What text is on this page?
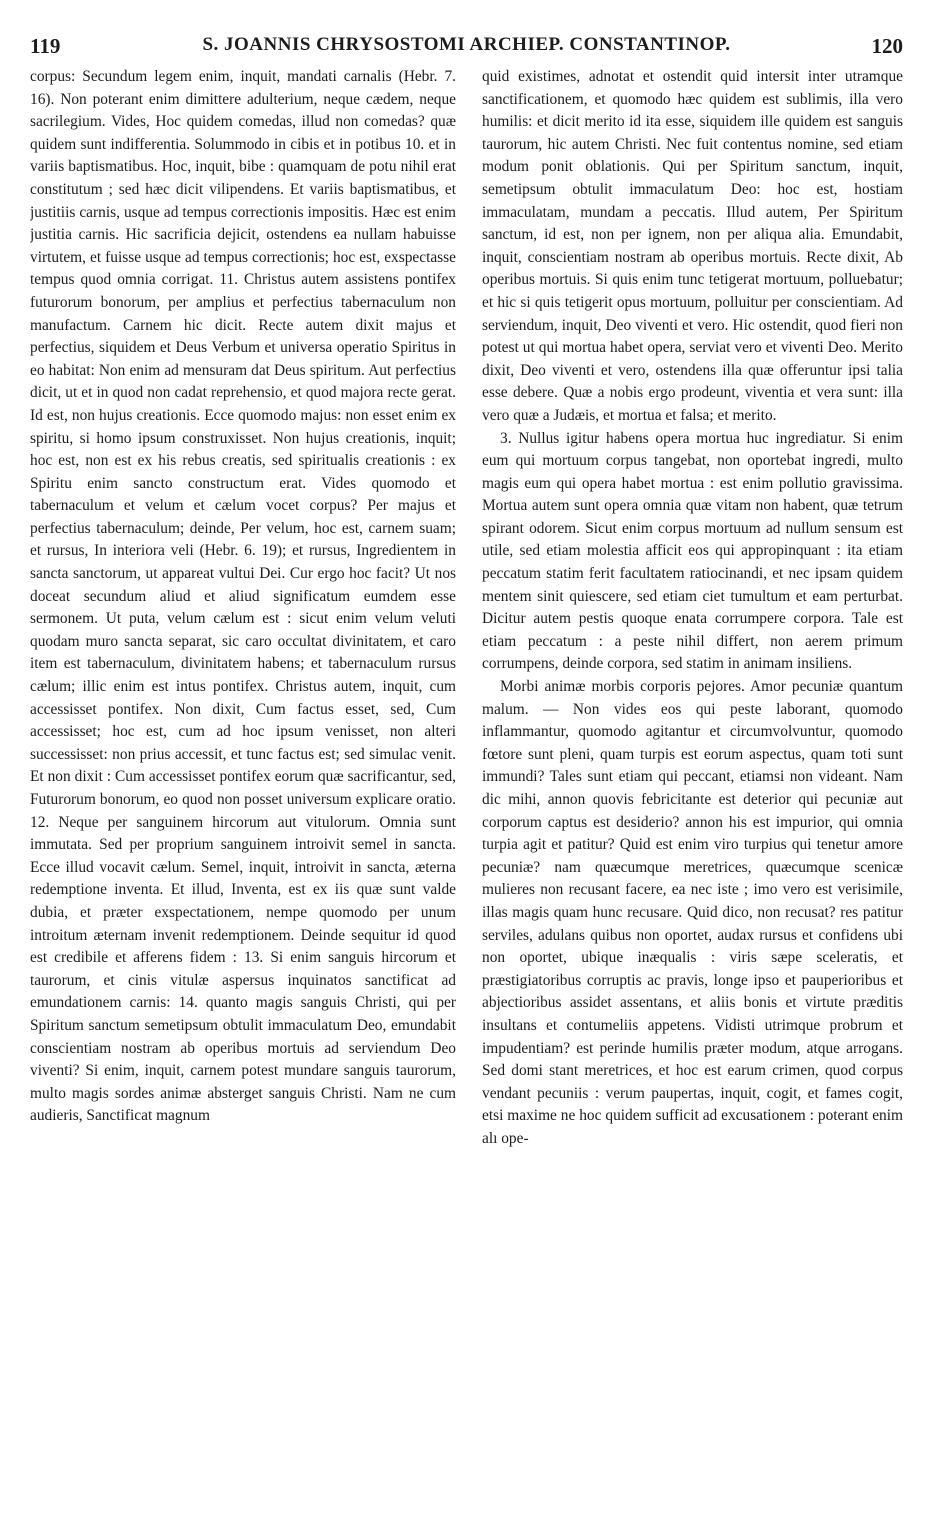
119	S. JOANNIS CHRYSOSTOMI ARCHIEP. CONSTANTINOP.	120

corpus: Secundum legem enim, inquit, mandati carnalis (Hebr. 7. 16). Non poterant enim dimittere adulterium, neque cædem, neque sacrilegium. Vides, Hoc quidem comedas, illud non comedas? quæ quidem sunt indifferentia. Solummodo in cibis et in potibus 10. et in variis baptismatibus. Hoc, inquit, bibe : quamquam de potu nihil erat constitutum ; sed hæc dicit vilipendens. Et variis baptismatibus, et justitiis carnis, usque ad tempus correctionis impositis. Hæc est enim justitia carnis. Hic sacrificia dejicit, ostendens ea nullam habuisse virtutem, et fuisse usque ad tempus correctionis; hoc est, exspectasse tempus quod omnia corrigat. 11. Christus autem assistens pontifex futurorum bonorum, per amplius et perfectius tabernaculum non manufactum. Carnem hic dicit. Recte autem dixit majus et perfectius, siquidem et Deus Verbum et universa operatio Spiritus in eo habitat: Non enim ad mensuram dat Deus spiritum. Aut perfectius dicit, ut et in quod non cadat reprehensio, et quod majora recte gerat. Id est, non hujus creationis. Ecce quomodo majus: non esset enim ex spiritu, si homo ipsum construxisset. Non hujus creationis, inquit; hoc est, non est ex his rebus creatis, sed spiritualis creationis : ex Spiritu enim sancto constructum erat. Vides quomodo et tabernaculum et velum et cælum vocet corpus? Per majus et perfectius tabernaculum; deinde, Per velum, hoc est, carnem suam; et rursus, In interiora veli (Hebr. 6. 19); et rursus, Ingredientem in sancta sanctorum, ut appareat vultui Dei. Cur ergo hoc facit? Ut nos doceat secundum aliud et aliud significatum eumdem esse sermonem. Ut puta, velum cælum est : sicut enim velum veluti quodam muro sancta separat, sic caro occultat divinitatem, et caro item est tabernaculum, divinitatem habens; et tabernaculum rursus cælum; illic enim est intus pontifex. Christus autem, inquit, cum accessisset pontifex. Non dixit, Cum factus esset, sed, Cum accessisset; hoc est, cum ad hoc ipsum venisset, non alteri successisset: non prius accessit, et tunc factus est; sed simulac venit. Et non dixit : Cum accessisset pontifex eorum quæ sacrificantur, sed, Futurorum bonorum, eo quod non posset universum explicare oratio. 12. Neque per sanguinem hircorum aut vitulorum. Omnia sunt immutata. Sed per proprium sanguinem introivit semel in sancta. Ecce illud vocavit cælum. Semel, inquit, introivit in sancta, æterna redemptione inventa. Et illud, Inventa, est ex iis quæ sunt valde dubia, et præter exspectationem, nempe quomodo per unum introitum æternam invenit redemptionem. Deinde sequitur id quod est credibile et afferens fidem : 13. Si enim sanguis hircorum et taurorum, et cinis vitulæ aspersus inquinatos sanctificat ad emundationem carnis: 14. quanto magis sanguis Christi, qui per Spiritum sanctum semetipsum obtulit immaculatum Deo, emundabit conscientiam nostram ab operibus mortuis ad serviendum Deo viventi? Si enim, inquit, carnem potest mundare sanguis taurorum, multo magis sordes animæ absterget sanguis Christi. Nam ne cum audieris, Sanctificat magnum

quid existimes, adnotat et ostendit quid intersit inter utramque sanctificationem, et quomodo hæc quidem est sublimis, illa vero humilis: et dicit merito id ita esse, siquidem ille quidem est sanguis taurorum, hic autem Christi. Nec fuit contentus nomine, sed etiam modum ponit oblationis. Qui per Spiritum sanctum, inquit, semetipsum obtulit immaculatum Deo: hoc est, hostiam immaculatam, mundam a peccatis. Illud autem, Per Spiritum sanctum, id est, non per ignem, non per aliqua alia. Emundabit, inquit, conscientiam nostram ab operibus mortuis. Recte dixit, Ab operibus mortuis. Si quis enim tunc tetigerat mortuum, polluebatur; et hic si quis tetigerit opus mortuum, polluitur per conscientiam. Ad serviendum, inquit, Deo viventi et vero. Hic ostendit, quod fieri non potest ut qui mortua habet opera, serviat vero et viventi Deo. Merito dixit, Deo viventi et vero, ostendens illa quæ offeruntur ipsi talia esse debere. Quæ a nobis ergo prodeunt, viventia et vera sunt: illa vero quæ a Judæis, et mortua et falsa; et merito.

3. Nullus igitur habens opera mortua huc ingrediatur. Si enim eum qui mortuum corpus tangebat, non oportebat ingredi, multo magis eum qui opera habet mortua : est enim pollutio gravissima. Mortua autem sunt opera omnia quæ vitam non habent, quæ tetrum spirant odorem. Sicut enim corpus mortuum ad nullum sensum est utile, sed etiam molestia afficit eos qui appropinquant : ita etiam peccatum statim ferit facultatem ratiocinandi, et nec ipsam quidem mentem sinit quiescere, sed etiam ciet tumultum et eam perturbat. Dicitur autem pestis quoque enata corrumpere corpora. Tale est etiam peccatum : a peste nihil differt, non aerem primum corrumpens, deinde corpora, sed statim in animam insiliens.

Morbi animæ morbis corporis pejores. Amor pecuniæ quantum malum. — Non vides eos qui peste laborant, quomodo inflammantur, quomodo agitantur et circumvolvuntur, quomodo fœtore sunt pleni, quam turpis est eorum aspectus, quam toti sunt immundi? Tales sunt etiam qui peccant, etiamsi non videant. Nam dic mihi, annon quovis febricitante est deterior qui pecuniæ aut corporum captus est desiderio? annon his est impurior, qui omnia turpia agit et patitur? Quid est enim viro turpius qui tenetur amore pecuniæ? nam quæcumque meretrices, quæcumque scenicæ mulieres non recusant facere, ea nec iste ; imo vero est verisimile, illas magis quam hunc recusare. Quid dico, non recusat? res patitur serviles, adulans quibus non oportet, audax rursus et confidens ubi non oportet, ubique inæqualis : viris sæpe sceleratis, et præstigiatoribus corruptis ac pravis, longe ipso et pauperioribus et abjectioribus assidet assentans, et aliis bonis et virtute præditis insultans et contumeliis appetens. Vidisti utrimque probrum et impudentiam? est perinde humilis præter modum, atque arrogans. Sed domi stant meretrices, et hoc est earum crimen, quod corpus vendant pecuniis : verum paupertas, inquit, cogit, et fames cogit, etsi maxime ne hoc quidem sufficit ad excusationem : poterant enim alı ope-
